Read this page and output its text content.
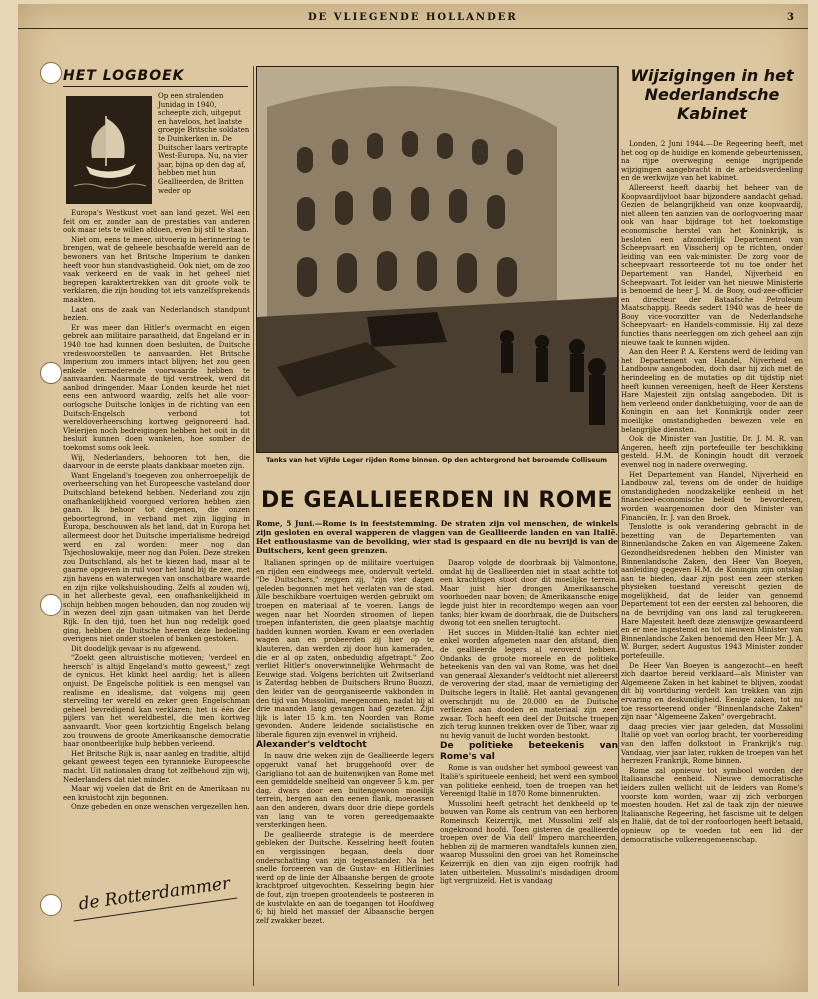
DE VLIEGENDE HOLLANDER	3
HET LOGBOEK
Op een stralenden Junidag in 1940, scheepte zich, uitgeput en haveloos, het laatste groepje Britsche soldaten te Duinkerken in. De Duitscher laars vertrapte West-Europa. Nu, na vier jaar, bijna op den dag af, hebben met hun Geallieerden, de Britten weder op

Europa's Westkust voet aan land gezet. Wel een feit om er, zonder aan de prestaties van anderen ook maar iets te willen afdoen, even bij stil te staan.

Niet om, eens te meer, uitvoerig in herinnering te brengen, wat de geheele beschaafde wereld aan de bewoners van het Britsche Imperium te danken heeft voor hun standvastigheid. Ook niet, om de zoo vaak verkeerd en de vaak in het geheel niet begrepen karaktertrekken van dit groote volk te verklaren, die zijn houding tot iets vanzelfsprekends maakten.

Laat ons de zaak van Nederlandsch standpunt bezien.

Er was meer dan Hitler's overmacht en eigen gebrek aan militaire paraatheid, dat Engeland er in 1940 toe had kunnen doen besluiten, de Duitsche vredesvoorstellen te aanvaarden. Het Britsche Imperium zou immers intact blijven; het zou geen enkele vernederende voorwaarde hebben te aanvaarden. Naarmate de tijd verstreek, werd dit aanbod dringender. Maar Londen keurde het niet eens een antwoord waardig, zelfs het alle voor-oorlogsche Duitsche lonkjes in de richting van een Duitsch-Engelsch verbond tot wereldoverheersching kortweg geïgnoreerd had. Vleierijen noch bedreigingen hebben het ooit in dit besluit kunnen doen wankelen, hoe somber de toekomst soms ook leek.

Wij, Nederlanders, behooren tot hen, die daarvoor in de eerste plaats dankbaar moeten zijn.

Want Engeland's toegeven zou onherroepelijk de overheersching van het Europeesche vasteland door Duitschland betekend hebben. Nederland zou zijn onafhankelijkheid voorgoed verloren hebben zien gaan. Ik behoor tot degenen, die onzen geboortegrond, in verband met zijn ligging in Europa, beschouwen als het land, dat in Europa het allermeest door het Duitsche imperialisme bedreigd werd en zal worden: meer nog dan Tsjechoslowakije, meer nog dan Polen. Deze streken zou Duitschland, als het te kiezen had, maar al te gaarne opgeven in ruil voor het land bij de zee, met zijn havens en waterwegen van onschatbare waarde en zijn rijke volkshuishouding. Zelfs al zouden wij, in het allerbeste geval, een onafhankelijkheid in schijn hebben mogen behouden, dan nog zouden wij in wezen deel zijn gaan uitmaken van het Derde Rijk. In den tijd, toen het hun nog redelijk goed ging, hebben de Duitsche heeren deze bedoeling overigens niet onder stoelen of banken gestoken.

Dit doodelijk gevaar is nu afgewend.

"Zoekt geen altruistische motieven; 'verdeel en heersch' is altijd Engeland's motto geweest," zegt de cynicus. Het klinkt heel aardig; het is alleen onjuist. De Engelsche politiek is een mengsel van realisme en idealisme, dat volgens mij geen sterveling ter wereld en zeker geen Engelschman geheel bevredigend kan verklaren; het is één der pijlers van het wereldbestel, die men kortweg aanvaardt. Voor geen kortzichtig Engelsch belang zou trouwens de groote Amerikaansche democratie haar onontbeerlijke hulp hebben verleend.

Het Britsche Rijk is, naar aanleg en traditie, altijd gekant geweest tegen een tyrannieke Europeesche macht. Uit nationalen drang tot zelfbehoud zijn wij, Nederlanders dat niet minder.

Maar wij voelen dat de Brit en de Amerikaan nu een kruistocht zijn begonnen.

Onze gebeden en onze wenschen vergezellen hen.

de Rotterdammer
Tanks van het Vijfde Leger rijden Rome binnen. Op den achtergrond het beroemde Colliseum
Wijzigingen in het Nederlandsche Kabinet

Londen, 2 Juni 1944.—De Regeering heeft, met het oog op de huidige en komende gebeurtenissen, na rijpe overweging eenige ingrijpende wijzigingen aangebracht in de arbeidsverdeeling en de werkwijze van het kabinet.

Allereerst heeft daarbij het beheer van de Koopvaardijvloot haar bijzondere aandacht gehad. Gezien de belangrijkheid van onze koopvaardij, niet alleen ten aanzien van de oorlogvoering maar ook van haar bijdrage tot het toekomstige economische herstel van het Koninkrijk, is besloten een afzonderlijk Departement van Scheepvaart en Visscherij op te richten, onder leiding van een vak-minister. De zorg voor de scheepvaart ressorteerde tot nu toe onder het Departement van Handel, Nijverheid en Scheepvaart. Tot leider van het nieuwe Ministerie is benoemd de heer J. M. de Booy, oud-zee-officier en directeur der Bataafsche Petroleum Maatschappij. Reeds sedert 1940 was de heer de Booy vice-voorzitter van de Nederlandsche Scheepvaart- en Handels-commissie. Hij zal deze functies thans neerleggen om zich geheel aan zijn nieuwe taak te kunnen wijden.

Aan den Heer P. A. Kerstens werd de leiding van het Departement van Handel, Nijverheid en Landbouw aangeboden, doch daar hij zich met de herindeeling en de mutaties op dit tijdstip niet heeft kunnen vereenigen, heeft de Heer Kerstens Hare Majesteit zijn ontslag aangeboden. Dit is hem verleend onder dankbetuiging, voor de aan de Koningin en aan het Koninkrijk onder zeer moeilijke omstandigheden bewezen vele en belangrijke diensten.

Ook de Minister van Justitie, Dr. J. M. R. van Angeren, heeft zijn portefeuille ter beschikking gesteld. H.M. de Koningin houdt dit verzoek evenwel nog in nadere overweging.

Het Departement van Handel, Nijverheid en Landbouw zal, tevens om de onder de huidige omstandigheden noodzakelijke eenheid in het financieel-economische beleid te bevorderen, worden waargenomen door den Minister van Financiën, Ir. J. van den Broek.

Tenslotte is ook verandering gebracht in de bezetting van de Departementen van Binnenlandsche Zaken en van Algemeene Zaken. Gezondheidsredenen hebben den Minister van Binnenlandsche Zaken, den Heer Van Boeyen, aanleiding gegeven H.M. de Koningin zijn ontslag aan te bieden, daar zijn post een zeer sterken physieken toestand vereischt gezien de mogelijkheid, dat de leider van genoemd Departement tot een der eersten zal behooren, die na de bevrijding van ons land zal terugkeeren. Hare Majesteit heeft deze zienswijze gewaardeerd en er mee ingestemd en tot nieuwen Minister van Binnenlandsche Zaken benoemd den Heer Mr. J. A. W. Burger, sedert Augustus 1943 Minister zonder portefeuille.

De Heer Van Boeyen is aangezocht—en heeft zich daartoe bereid verklaard—als Minister van Algemeene Zaken in het kabinet te blijven, zoodat dit bij voortduring verdelt kan trekken van zijn ervaring en deskundigheid. Eenige zaken, tot nu toe ressorteerend onder "Binnenlandsche Zaken" zijn naar "Algemeene Zaken" overgebracht.

daag precies vier jaar geleden, dat Mussolini Italië op voet van oorlog bracht, ter voorbereiding van den laffen dolkstoot in Frankrijk's rug. Vandaag, vier jaar later, rukken de troepen van het herrezen Frankrijk, Rome binnen.

Rome zal opnieuw tot symbool worden der Italiaansche eenheid. Nieuwe democratische leiders zullen wellicht uit de leiders van Rome's voorste kom worden, waar zij zich verborgen moesten houden. Het zal de taak zijn der nieuwe Italiaansche Regeering, het fascisme uit te delgen en Italië, dat de tol der roofoorlogen heeft betaald, opnieuw op te voeden tot een lid der democratische volkerengemeenschap.

DE GEALLIEERDEN IN ROME
Rome, 5 Juni.—Rome is in feeststemming. De straten zijn vol menschen, de winkels zijn gesloten en overal wapperen de vlaggen van de Geallieerde landen en van Italië. Het enthousiasme van de bevolking, wier stad is gespaard en die nu bevrijd is van de Duitschers, kent geen grenzen.

Italianen springen op de militaire voertuigen en rijden een eindweegs mee, ondervult verteld. "De Duitschers," zeggen zij, "zijn vier dagen geleden begonnen met het verlaten van de stad. Alle beschikbare voertuigen werden gebruikt om troepen en materiaal af te voeren. Langs de wegen naar het Noorden stroomen of liepen troepen infanteristen, die geen plaatsje machtig hadden kunnen worden. Kwam er een overladen wagen aan en probeerden zij hier op te klauteren, dan werden zij door hun kameraden, die er al op zaten, onbeduidig afgetrapt." Zoo verliet Hitler's onoverwinnelijke Wehrmacht de Eeuwige stad. Volgens berichten uit Zwitserland is Zaterdag hebben de Duitschers Bruno Buozzi, den leider van de georganiseerde vakbonden in den tijd van Mussolini, meegenomen, nadat hij al drie maanden lang gevangen had gezeten. Zijn lijk is later 15 k.m. ten Noorden van Rome gevonden. Andere leidende socialistische en liberale figuren zijn evenwel in vrijheid.

Alexander's veldtocht

In nauw drie weken zijn de Geallieerde legers opgerukt vanaf het bruggehoofd over de Garigliano tot aan de buitenwijken van Rome met een gemiddelde snelheid van ongeveer 5 k.m. per dag, dwars door een buitengewoon moeilijk terrein, bergen aan den eenen flank, moerassen aan den anderen, dwars door drie diepe gordels van lang van te voren gereedgemaakte versterkingen heen.

De geallieerde strategie is de meerdere gebleken der Duitsche. Kesselring heeft fouten en vergissingen begaan, deels door onderschatting van zijn tegenstander. Na het snelle forceeren van de Gustav- en Hitlerlinies werd op de linie der Albaanshe bergen de groote krachtproef uitgevochten. Kesselring begin hier de fout, zijn troepen grootendeels te posteeren in de kustvlakte en aan de toegangen tot Hoofdweg 6; hij hield het massief der Albaansche bergen zelf zwakker bezet.

Daarop volgde de doorbraak bij Valmontone, omdat hij de Geallieerden niet in staat achtte tot een krachtigen stoot door dit moeilijke terrein. Maar juist hier drongen Amerikaansche voorhoeden naar boven; de Amerikaansche enige legde juist hier in recordtempo wegen aan voor tanks; hier kwam de doorbraak, die de Duitschers dwong tot een snellen terugtocht.

Het succes in Midden-Italië kan echter niet enkel worden afgemeten naar den afstand, dien de geallieerde legers al veroverd hebben. Ondanks de groote moreele en de politieke beteekenis van den val van Rome, was het doel van generaal Alexander's veldtocht niet allereerst de verovering der stad, maar de vernietiging der Duitsche legers in Italië. Het aantal gevangenen overschrijdt nu de 20.000 en de Duitsche verliezen aan dooden en materiaal zijn zeer zwaar. Toch heeft een deel der Duitsche troepen zich terug kunnen trekken over de Tiber, waar zij nu hevig vanuit de lucht worden bestookt.

De politieke beteekenis van Rome's val

Rome is van oudsher het symbool geweest van Italië's spiritueele eenheid; het werd een symbool van politieke eenheid, toen de troepen van het Vereenigd Italië in 1870 Rome binnenrukten.

Mussolini heeft getracht het denkbeeld op te bouwen van Rome als centrum van een herboren Romeinsch Keizerrijk, met Mussolini zelf als ongekroond hoofd. Toen gisteren de geallieerde troepen over de Via dell' Impero marcheerden, hebben zij de marmeren wandtafels kunnen zien, waarop Mussolini den groei van het Romeinsche Keizerrijk en dien van zijn eigen roofrijk had laten uitbeitelen. Mussolini's misdadigen droom ligt vergruizeld. Het is vandaag
